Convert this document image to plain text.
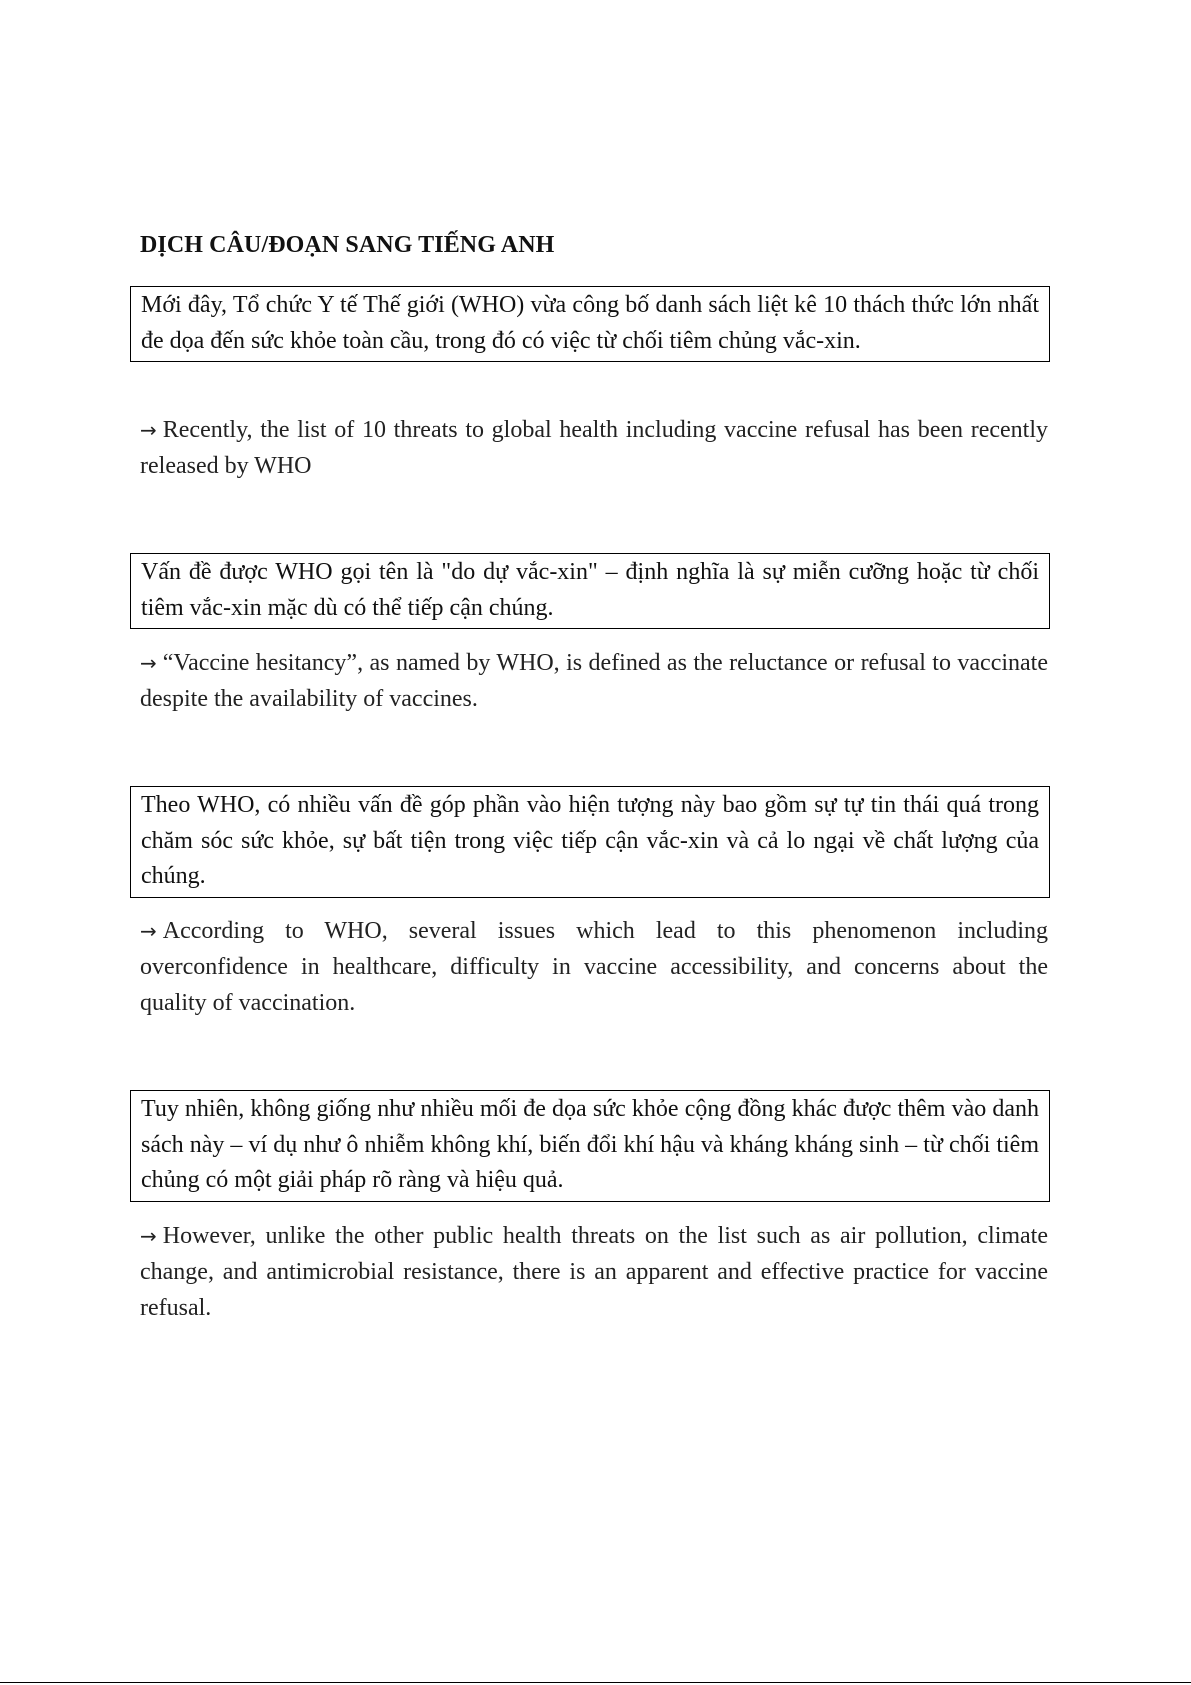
DỊCH CÂU/ĐOẠN SANG TIẾNG ANH
Mới đây, Tổ chức Y tế Thế giới (WHO) vừa công bố danh sách liệt kê 10 thách thức lớn nhất đe dọa đến sức khỏe toàn cầu, trong đó có việc từ chối tiêm chủng vắc-xin.
→ Recently, the list of 10 threats to global health including vaccine refusal has been recently released by WHO
Vấn đề được WHO gọi tên là "do dự vắc-xin" – định nghĩa là sự miễn cưỡng hoặc từ chối tiêm vắc-xin mặc dù có thể tiếp cận chúng.
→ “Vaccine hesitancy”, as named by WHO, is defined as the reluctance or refusal to vaccinate despite the availability of vaccines.
Theo WHO, có nhiều vấn đề góp phần vào hiện tượng này bao gồm sự tự tin thái quá trong chăm sóc sức khỏe, sự bất tiện trong việc tiếp cận vắc-xin và cả lo ngại về chất lượng của chúng.
→ According to WHO, several issues which lead to this phenomenon including overconfidence in healthcare, difficulty in vaccine accessibility, and concerns about the quality of vaccination.
Tuy nhiên, không giống như nhiều mối đe dọa sức khỏe cộng đồng khác được thêm vào danh sách này – ví dụ như ô nhiễm không khí, biến đổi khí hậu và kháng kháng sinh – từ chối tiêm chủng có một giải pháp rõ ràng và hiệu quả.
→ However, unlike the other public health threats on the list such as air pollution, climate change, and antimicrobial resistance, there is an apparent and effective practice for vaccine refusal.
